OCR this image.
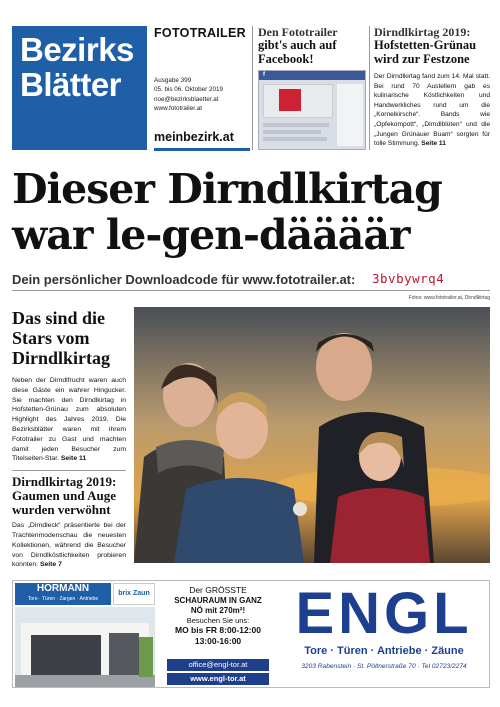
Bezirks
Blätter
FOTOTRAILER
Ausgabe 399
05. bis 06. Oktober 2019
noe@bezirksblaetter.at
www.fototrailer.at
meinbezirk.at
Den Fototrailer
gibt's auch auf Facebook!
f
Dirndlkirtag 2019:
Hofstetten-Grünau wird zur Festzone
Der Dirndlkirtag fand zum 14. Mal statt. Bei rund 70 Austellern gab es kulinarische Köstlichkeiten und Handwerkliches rund um die „Kornelkirsche“. Bands wie „Opfekompott“, „Dirndlblüten“ und die „Jungen Grünauer Buam“ sorgten für tolle Stimmung. Seite 11
Dieser Dirndlkirtag
war le-gen-däääär
Dein persönlicher Downloadcode für www.fototrailer.at: 3bvbywrq4
Fotos: www.fototrailer.at, Dirndlkirtag
Das sind die Stars vom Dirndlkirtag
Neben der Dirndlfrucht waren auch diese Gäste ein wahrer Hingucker. Sie machten den Dirndlkirtag in Hofstetten-Grünau zum absoluten Highlight des Jahres 2019. Die Bezirksblätter waren mit ihrem Fototrailer zu Gast und machten damit jeden Besucher zum Titelseiten-Star. Seite 11
Dirndlkirtag 2019: Gaumen und Auge wurden verwöhnt
Das „Dirndleck“ präsentierte bei der Trachtenmodenschau die neuesten Kollektionen, während die Besucher von Dirndlköstlichkeiten probieren konnten. Seite 7
HÖRMANN
Tore · Türen · Zargen · Antriebe
brix Zaun	Der GRÖSSTE
SCHAURAUM IN GANZ
NÖ mit 270m²!
Besuchen Sie uns:
MO bis FR 8:00-12:00
13:00-16:00
office@engl-tor.at
www.engl-tor.at
ENGL
Tore · Türen · Antriebe · Zäune
3203 Rabenstein · St. Pöltnerstraße 70 · Tel 02723/2274
